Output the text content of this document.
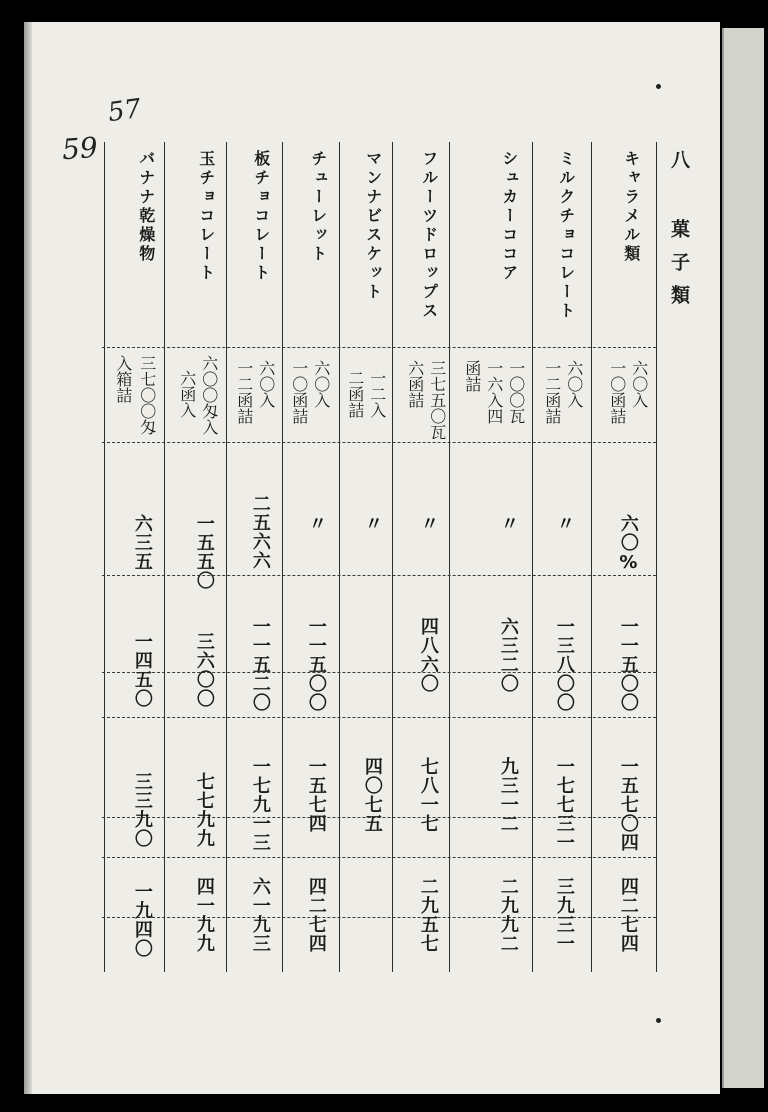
57
59
八 菓子類
キャラメル類
六〇入
一〇函詰
六〇%
一一五〇〇
一五七〇四
四二七四
ミルクチョコレート
六〇入
一二函詰
〃
一三八〇〇
一七七三一
三九三一
シュカーココア
一〇〇瓦
一六入四
函詰
〃
六三二〇
九三一二
二九九二
フルーツドロップス
三七五〇瓦
六函詰
〃
四八六〇
七八一七
二九五七
マンナビスケット
一二入
二函詰
〃
四〇七五
チューレット
六〇入
一〇函詰
〃
一一五〇〇
一五七四
四二七四
板チョコレート
六〇入
一二函詰
二五六六
一一五二〇
一七九一三
六一九三
玉チョコレート
六〇〇匁入
六函入
一五五〇
三六〇〇
七七九九
四一九九
バナナ乾燥物
三七〇〇匁
入箱詰
六三五
一四五〇
三三九〇
一九四〇
